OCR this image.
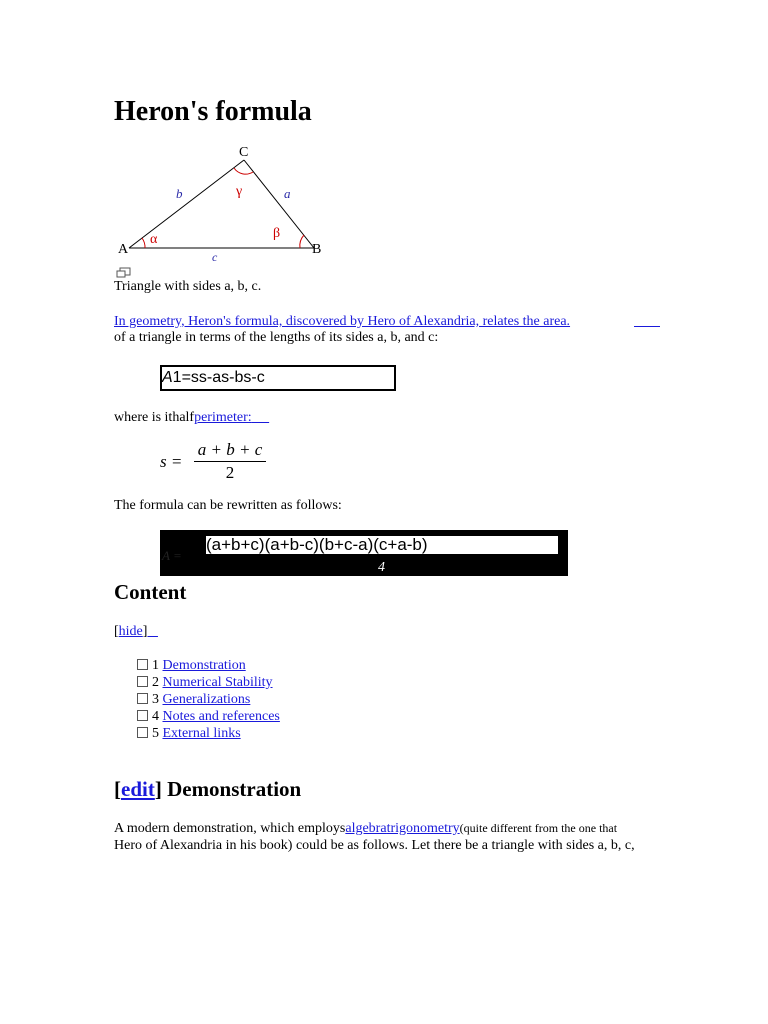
Heron's formula
C
A	B
b	a
c
α	β
γ
Triangle with sides a, b, c.
In geometry, Heron's formula, discovered by Hero of Alexandria, relates the area.
of a triangle in terms of the lengths of its sides a, b, and c:
A1=ss-as-bs-c
where is ithalfperimeter:
s =
a + b + c
2
The formula can be rewritten as follows:
A =
(a+b+c)(a+b-c)(b+c-a)(c+a-b)
4
Content
[hide]
1 Demonstration
2 Numerical Stability
3 Generalizations
4 Notes and references
5 External links
[edit] Demonstration
A modern demonstration, which employsalgebratrigonometry(quite different from the one that
Hero of Alexandria in his book) could be as follows. Let there be a triangle with sides a, b, c,
